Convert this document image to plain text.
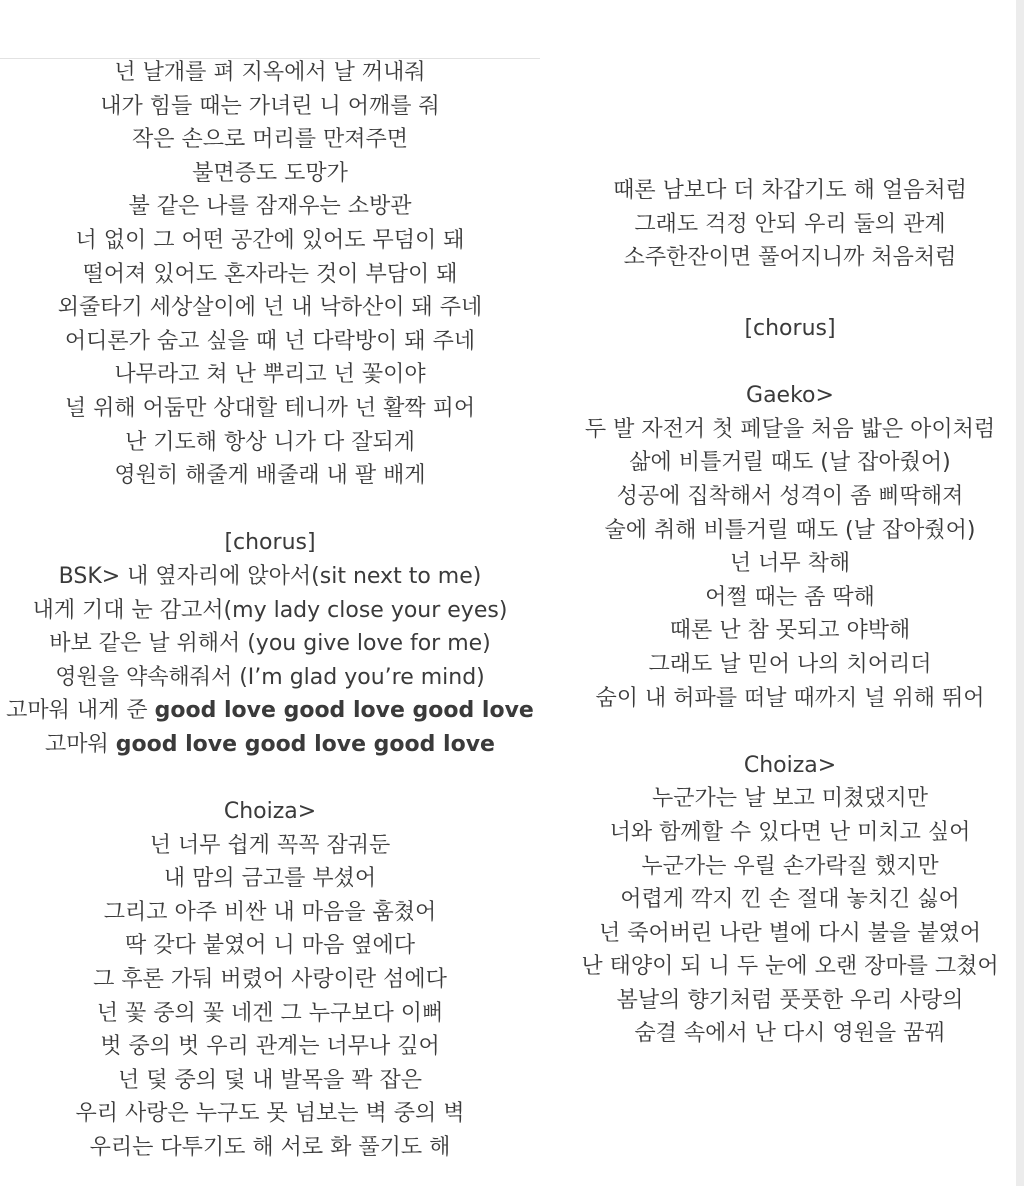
넌 날개를 펴 지옥에서 날 꺼내줘
내가 힘들 때는 가녀린 니 어깨를 줘
작은 손으로 머리를 만져주면
불면증도 도망가
불 같은 나를 잠재우는 소방관
너 없이 그 어떤 공간에 있어도 무덤이 돼
떨어져 있어도 혼자라는 것이 부담이 돼
외줄타기 세상살이에 넌 내 낙하산이 돼 주네
어디론가 숨고 싶을 때 넌 다락방이 돼 주네
나무라고 쳐 난 뿌리고 넌 꽃이야
널 위해 어둠만 상대할 테니까 넌 활짝 피어
난 기도해 항상 니가 다 잘되게
영원히 해줄게 배줄래 내 팔 배게
[chorus]
BSK> 내 옆자리에 앉아서(sit next to me)
내게 기대 눈 감고서(my lady close your eyes)
바보 같은 날 위해서 (you give love for me)
영원을 약속해줘서 (I’m glad you’re mind)
고마워 내게 준 good love good love good love
고마워 good love good love good love
Choiza>
넌 너무 쉽게 꼭꼭 잠궈둔
내 맘의 금고를 부셨어
그리고 아주 비싼 내 마음을 훔쳤어
딱 갖다 붙였어 니 마음 옆에다
그 후론 가둬 버렸어 사랑이란 섬에다
넌 꽃 중의 꽃 네겐 그 누구보다 이뻐
벗 중의 벗 우리 관계는 너무나 깊어
넌 덫 중의 덫 내 발목을 꽉 잡은
우리 사랑은 누구도 못 넘보는 벽 중의 벽
우리는 다투기도 해 서로 화 풀기도 해
때론 남보다 더 차갑기도 해 얼음처럼
그래도 걱정 안되 우리 둘의 관계
소주한잔이면 풀어지니까 처음처럼
[chorus]
Gaeko>
두 발 자전거 첫 페달을 처음 밟은 아이처럼
삶에 비틀거릴 때도 (날 잡아줬어)
성공에 집착해서 성격이 좀 삐딱해져
술에 취해 비틀거릴 때도 (날 잡아줬어)
넌 너무 착해
어쩔 때는 좀 딱해
때론 난 참 못되고 야박해
그래도 날 믿어 나의 치어리더
숨이 내 허파를 떠날 때까지 널 위해 뛰어
Choiza>
누군가는 날 보고 미쳤댔지만
너와 함께할 수 있다면 난 미치고 싶어
누군가는 우릴 손가락질 했지만
어렵게 깍지 낀 손 절대 놓치긴 싫어
넌 죽어버린 나란 별에 다시 불을 붙였어
난 태양이 되 니 두 눈에 오랜 장마를 그쳤어
봄날의 향기처럼 풋풋한 우리 사랑의
숨결 속에서 난 다시 영원을 꿈꿔
